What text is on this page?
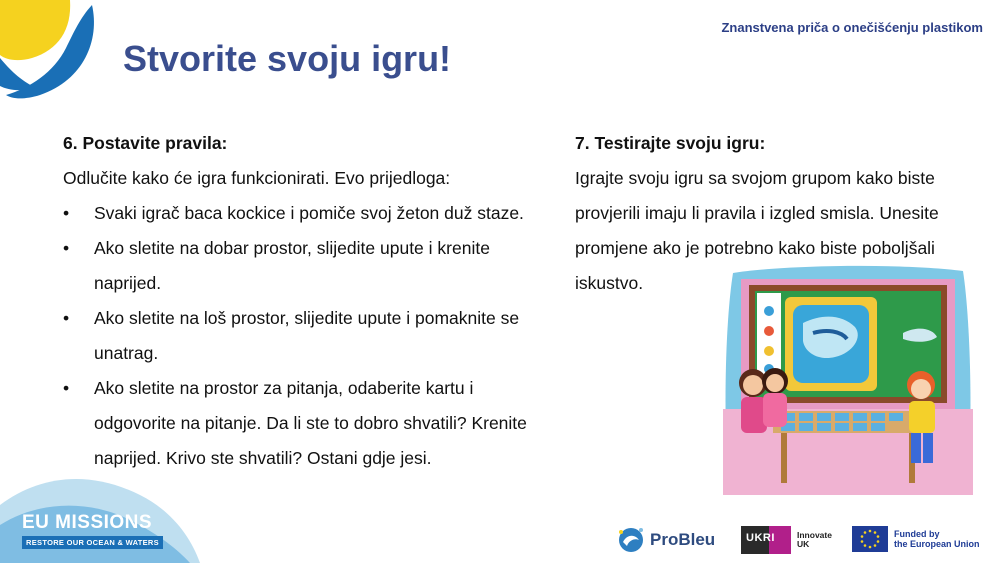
Znanstvena priča o onečišćenju plastikom
Stvorite svoju igru!
6. Postavite pravila:
Odlučite kako će igra funkcionirati. Evo prijedloga:
• Svaki igrač baca kockice i pomiče svoj žeton duž staze.
• Ako sletite na dobar prostor, slijedite upute i krenite naprijed.
• Ako sletite na loš prostor, slijedite upute i pomaknite se unatrag.
• Ako sletite na prostor za pitanja, odaberite kartu i odgovorite na pitanje. Da li ste to dobro shvatili? Krenite naprijed. Krivo ste shvatili? Ostani gdje jesi.
7. Testirajte svoju igru:
Igrajte svoju igru sa svojom grupom kako biste provjerili imaju li pravila i izgled smisla. Unesite promjene ako je potrebno kako biste poboljšali iskustvo.
EU MISSIONS
RESTORE OUR OCEAN & WATERS	ProBleu	UKRI	Innovate
UK
Funded by
the European Union
